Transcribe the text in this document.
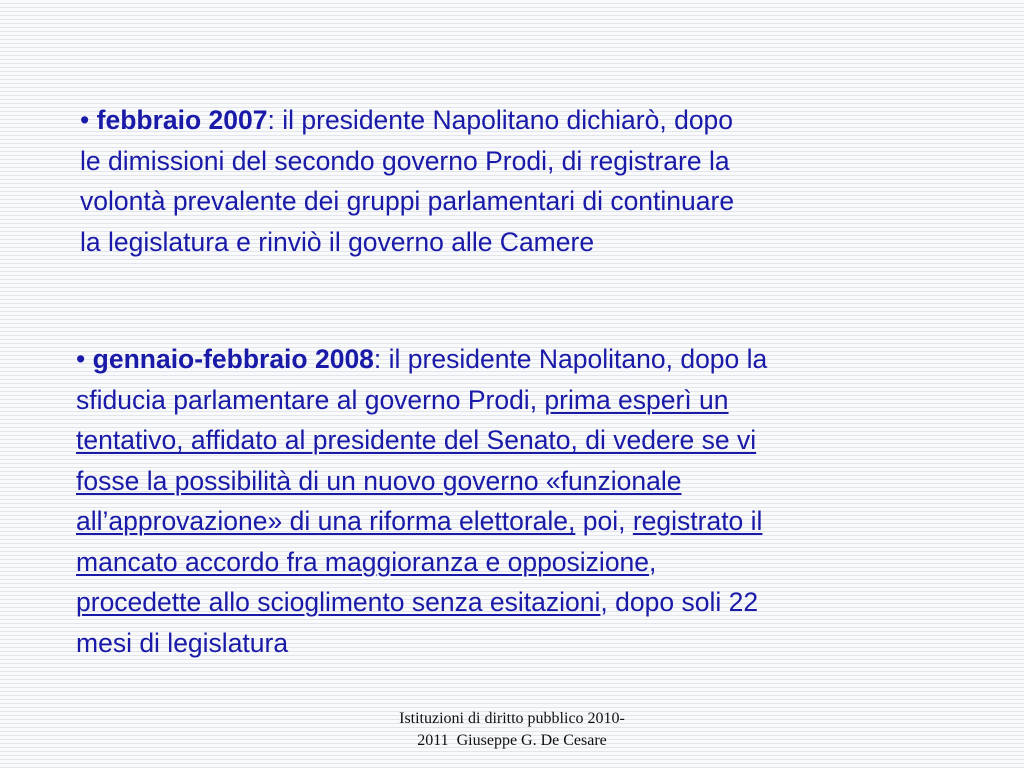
• febbraio 2007: il presidente Napolitano dichiarò, dopo
le dimissioni del secondo governo Prodi, di registrare la
volontà prevalente dei gruppi parlamentari di continuare
la legislatura e rinviò il governo alle Camere
• gennaio-febbraio 2008: il presidente Napolitano, dopo la
sfiducia parlamentare al governo Prodi, prima esperì un
tentativo, affidato al presidente del Senato, di vedere se vi
fosse la possibilità di un nuovo governo «funzionale
all’approvazione» di una riforma elettorale, poi, registrato il
mancato accordo fra maggioranza e opposizione,
procedette allo scioglimento senza esitazioni, dopo soli 22
mesi di legislatura
Istituzioni di diritto pubblico 2010-
2011  Giuseppe G. De Cesare
